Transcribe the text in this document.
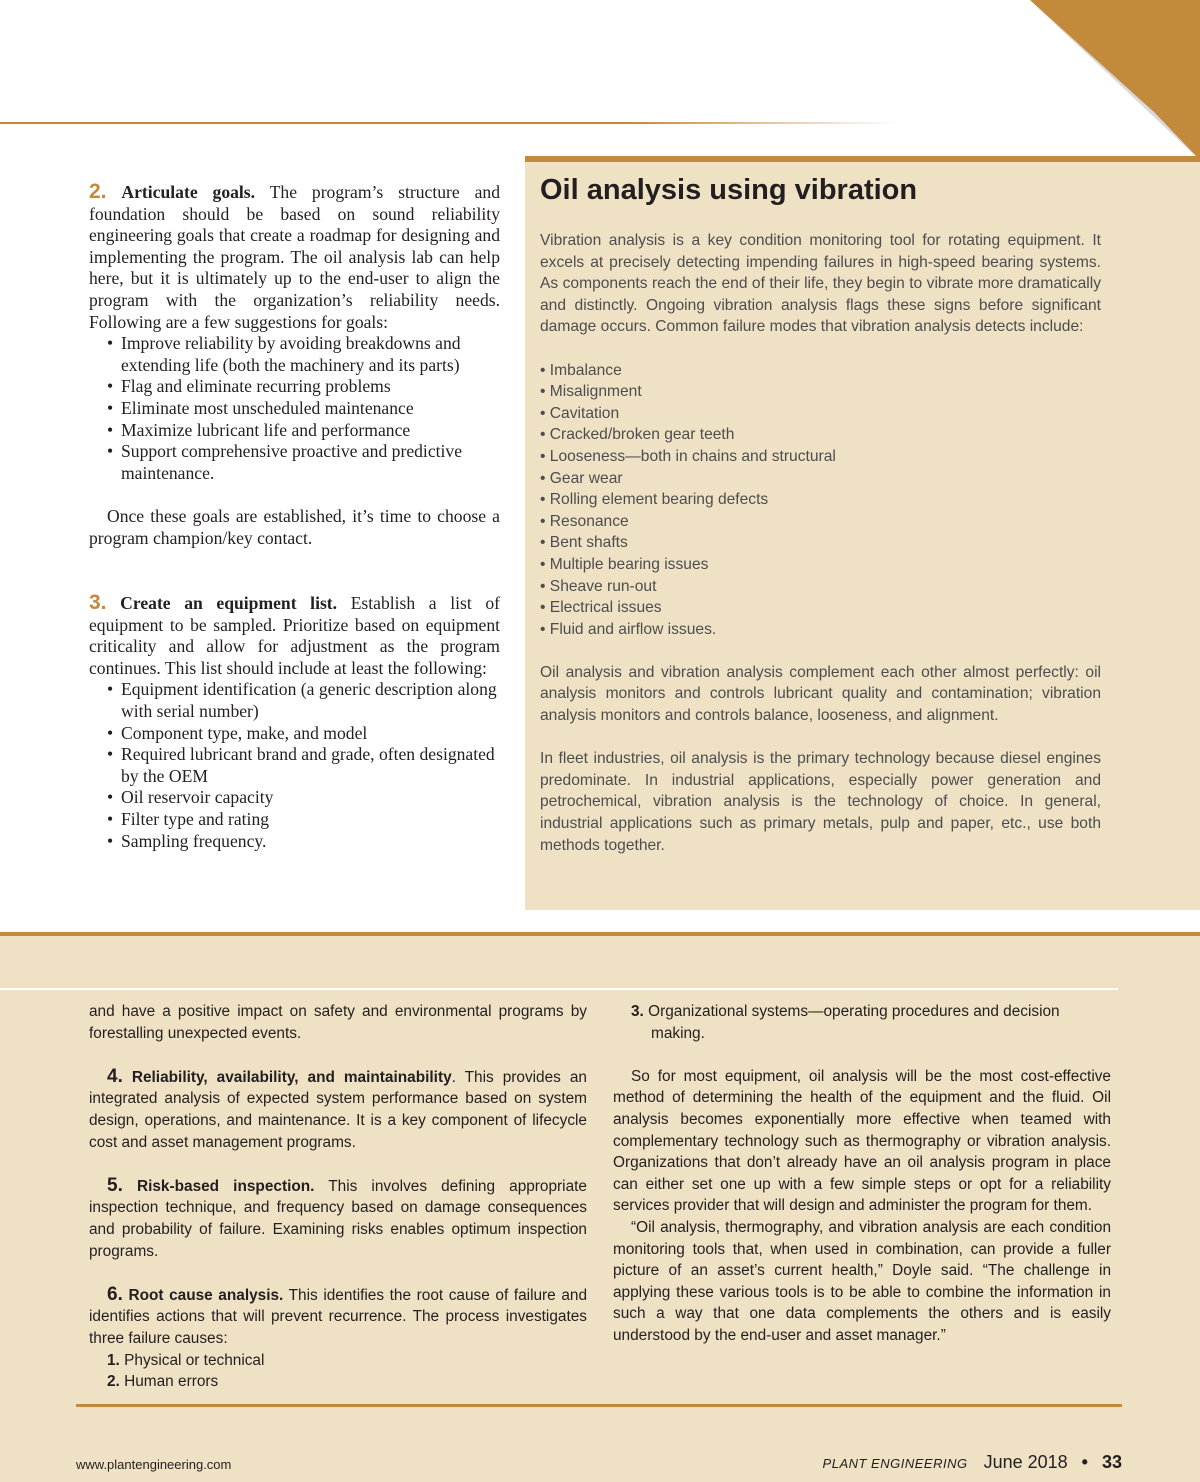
2. Articulate goals. The program’s structure and foundation should be based on sound reliability engineering goals that create a roadmap for designing and implementing the program. The oil analysis lab can help here, but it is ultimately up to the end-user to align the program with the organization’s reliability needs. Following are a few suggestions for goals:

• Improve reliability by avoiding breakdowns and extending life (both the machinery and its parts)
• Flag and eliminate recurring problems
• Eliminate most unscheduled maintenance
• Maximize lubricant life and performance
• Support comprehensive proactive and predictive maintenance.

Once these goals are established, it’s time to choose a program champion/key contact.

3. Create an equipment list. Establish a list of equipment to be sampled. Prioritize based on equipment criticality and allow for adjustment as the program continues. This list should include at least the following:

• Equipment identification (a generic description along with serial number)
• Component type, make, and model
• Required lubricant brand and grade, often designated by the OEM
• Oil reservoir capacity
• Filter type and rating
• Sampling frequency.
Oil analysis using vibration

Vibration analysis is a key condition monitoring tool for rotating equipment. It excels at precisely detecting impending failures in high-speed bearing systems. As components reach the end of their life, they begin to vibrate more dramatically and distinctly. Ongoing vibration analysis flags these signs before significant damage occurs. Common failure modes that vibration analysis detects include:

• Imbalance
• Misalignment
• Cavitation
• Cracked/broken gear teeth
• Looseness—both in chains and structural
• Gear wear
• Rolling element bearing defects
• Resonance
• Bent shafts
• Multiple bearing issues
• Sheave run-out
• Electrical issues
• Fluid and airflow issues.

Oil analysis and vibration analysis complement each other almost perfectly: oil analysis monitors and controls lubricant quality and contamination; vibration analysis monitors and controls balance, looseness, and alignment.

In fleet industries, oil analysis is the primary technology because diesel engines predominate. In industrial applications, especially power generation and petrochemical, vibration analysis is the technology of choice. In general, industrial applications such as primary metals, pulp and paper, etc., use both methods together.

and have a positive impact on safety and environmental programs by forestalling unexpected events.

4. Reliability, availability, and maintainability. This provides an integrated analysis of expected system performance based on system design, operations, and maintenance. It is a key component of lifecycle cost and asset management programs.

5. Risk-based inspection. This involves defining appropriate inspection technique, and frequency based on damage consequences and probability of failure. Examining risks enables optimum inspection programs.

6. Root cause analysis. This identifies the root cause of failure and identifies actions that will prevent recurrence. The process investigates three failure causes:

1. Physical or technical
2. Human errors
3. Organizational systems—operating procedures and decision making.

So for most equipment, oil analysis will be the most cost-effective method of determining the health of the equipment and the fluid. Oil analysis becomes exponentially more effective when teamed with complementary technology such as thermography or vibration analysis. Organizations that don’t already have an oil analysis program in place can either set one up with a few simple steps or opt for a reliability services provider that will design and administer the program for them.

“Oil analysis, thermography, and vibration analysis are each condition monitoring tools that, when used in combination, can provide a fuller picture of an asset’s current health,” Doyle said. “The challenge in applying these various tools is to be able to combine the information in such a way that one data complements the others and is easily understood by the end-user and asset manager.”

www.plantengineering.com	PLANT ENGINEERING June 2018 • 33
